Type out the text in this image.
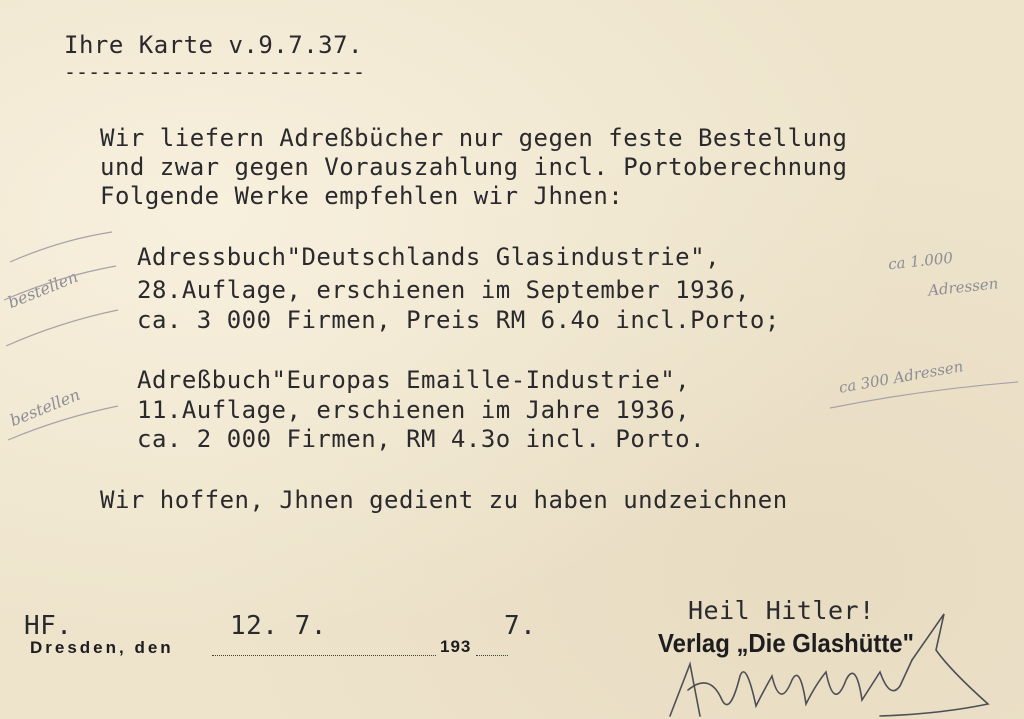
Ihre Karte v.9.7.37.

-------------------------

Wir liefern Adreßbücher nur gegen feste Bestellung

und zwar gegen Vorauszahlung incl. Portoberechnung

Folgende Werke empfehlen wir Jhnen:

Adressbuch"Deutschlands Glasindustrie",

28.Auflage, erschienen im September 1936,

ca. 3 000 Firmen, Preis RM 6.4o incl.Porto;

ca 1.000

Adressen

bestellen

Adreßbuch"Europas Emaille-Industrie",

11.Auflage, erschienen im Jahre 1936,

ca. 2 000 Firmen, RM 4.3o incl. Porto.

ca 300 Adressen

bestellen

Wir hoffen, Jhnen gedient zu haben undzeichnen

HF.	12. 7.	7.

Dresden, den	193

Heil Hitler!

Verlag „Die Glashütte"
